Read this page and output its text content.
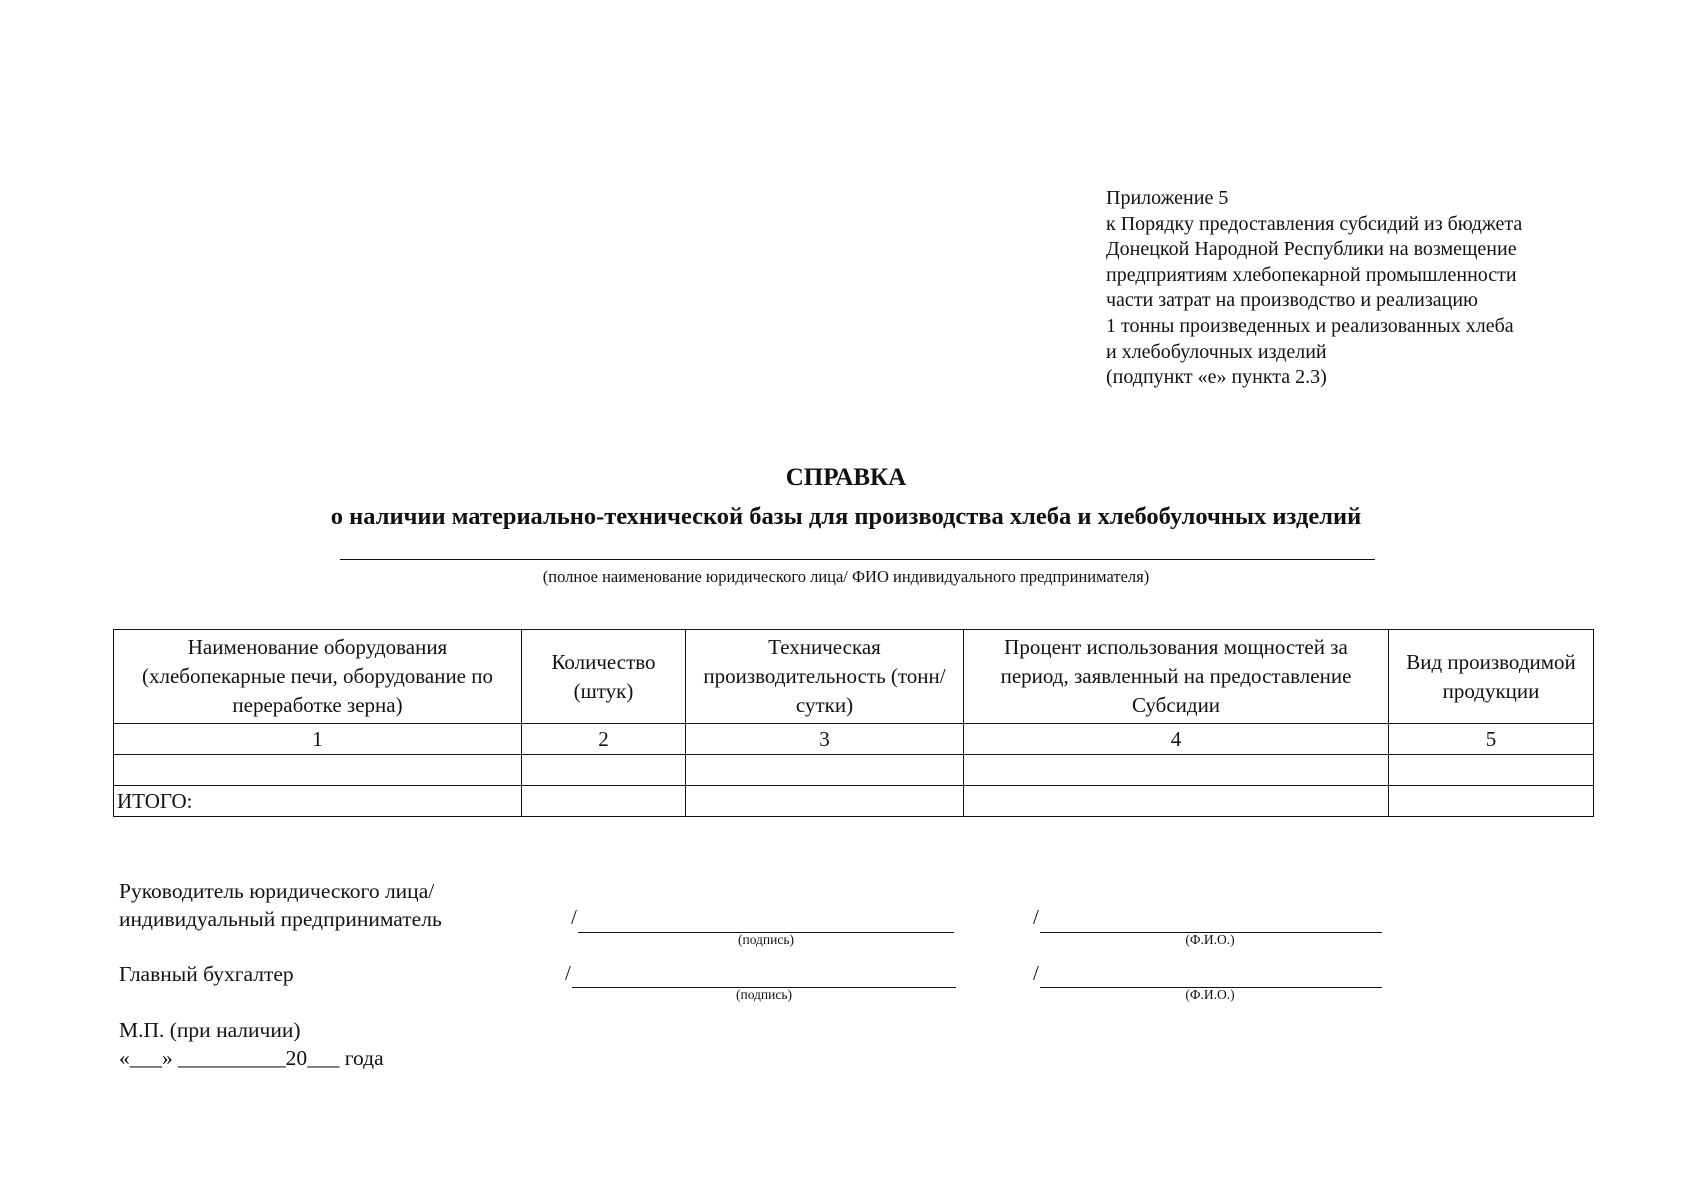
Приложение 5
к Порядку предоставления субсидий из бюджета
Донецкой Народной Республики на возмещение
предприятиям хлебопекарной промышленности
части затрат на производство и реализацию
1 тонны произведенных и реализованных хлеба
и хлебобулочных изделий
(подпункт «е» пункта 2.3)
СПРАВКА
о наличии материально-технической базы для производства хлеба и хлебобулочных изделий
(полное наименование юридического лица/ ФИО индивидуального предпринимателя)
Наименование оборудования (хлебопекарные печи, оборудование по переработке зерна)	Количество (штук)	Техническая производительность (тонн/сутки)	Процент использования мощностей за период, заявленный на предоставление Субсидии	Вид производимой продукции
1	2	3	4	5

ИТОГО:				
Руководитель юридического лица/
индивидуальный предприниматель	/
(подпись)
/
(Ф.И.О.)
Главный бухгалтер	/
(подпись)
/
(Ф.И.О.)
М.П. (при наличии)
«___» __________20___ года
